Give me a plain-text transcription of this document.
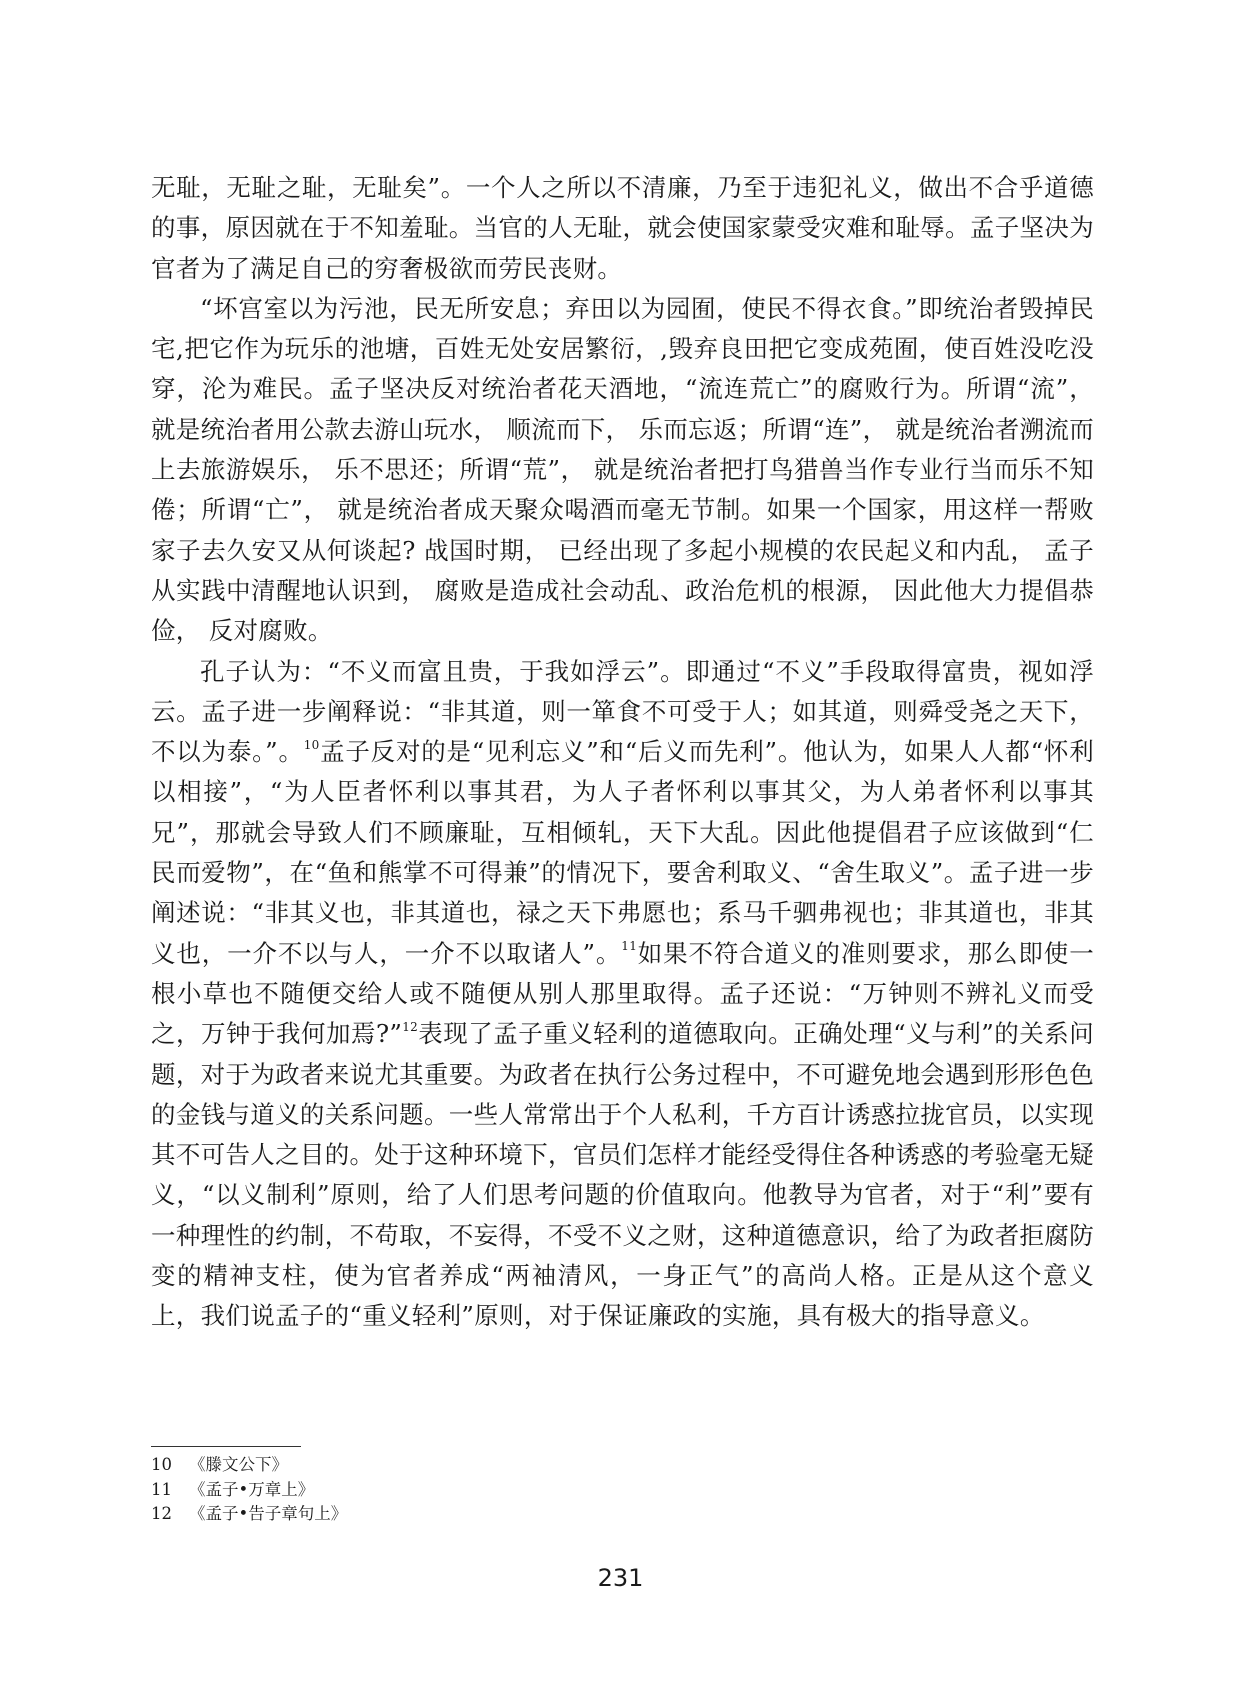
无耻，无耻之耻，无耻矣”。一个人之所以不清廉，乃至于违犯礼义，做出不合乎道德的事，原因就在于不知羞耻。当官的人无耻，就会使国家蒙受灾难和耻辱。孟子坚决为官者为了满足自己的穷奢极欲而劳民丧财。

“坏宫室以为污池，民无所安息；弃田以为园囿，使民不得衣食。”即统治者毁掉民宅,把它作为玩乐的池塘，百姓无处安居繁衍，,毁弃良田把它变成苑囿，使百姓没吃没穿，沦为难民。孟子坚决反对统治者花天酒地，“流连荒亡”的腐败行为。所谓“流”， 就是统治者用公款去游山玩水， 顺流而下， 乐而忘返；所谓“连”， 就是统治者溯流而上去旅游娱乐， 乐不思还；所谓“荒”， 就是统治者把打鸟猎兽当作专业行当而乐不知倦；所谓“亡”， 就是统治者成天聚众喝酒而毫无节制。如果一个国家，用这样一帮败家子去久安又从何谈起? 战国时期， 已经出现了多起小规模的农民起义和内乱， 孟子从实践中清醒地认识到， 腐败是造成社会动乱、政治危机的根源， 因此他大力提倡恭俭， 反对腐败。

孔子认为：“不义而富且贵，于我如浮云”。即通过“不义”手段取得富贵，视如浮云。孟子进一步阐释说：“非其道，则一箪食不可受于人；如其道，则舜受尧之天下，不以为泰。”。$^{10}$孟子反对的是“见利忘义”和“后义而先利”。他认为，如果人人都“怀利以相接”，“为人臣者怀利以事其君，为人子者怀利以事其父，为人弟者怀利以事其兄”，那就会导致人们不顾廉耻，互相倾轧，天下大乱。因此他提倡君子应该做到“仁民而爱物”，在“鱼和熊掌不可得兼”的情况下，要舍利取义、“舍生取义”。孟子进一步阐述说：“非其义也，非其道也，禄之天下弗愿也；系马千驷弗视也；非其道也，非其义也，一介不以与人，一介不以取诸人”。$^{11}$如果不符合道义的准则要求，那么即使一根小草也不随便交给人或不随便从别人那里取得。孟子还说：“万钟则不辨礼义而受之，万钟于我何加焉?”$^{12}$表现了孟子重义轻利的道德取向。正确处理“义与利”的关系问题，对于为政者来说尤其重要。为政者在执行公务过程中，不可避免地会遇到形形色色的金钱与道义的关系问题。一些人常常出于个人私利，千方百计诱惑拉拢官员，以实现其不可告人之目的。处于这种环境下，官员们怎样才能经受得住各种诱惑的考验毫无疑义，“以义制利”原则，给了人们思考问题的价值取向。他教导为官者，对于“利”要有一种理性的约制，不苟取，不妄得，不受不义之财，这种道德意识，给了为政者拒腐防变的精神支柱，使为官者养成“两袖清风，一身正气”的高尚人格。正是从这个意义上，我们说孟子的“重义轻利”原则，对于保证廉政的实施，具有极大的指导意义。

10	《滕文公下》
11	《孟子•万章上》
12	《孟子•告子章句上》
231
